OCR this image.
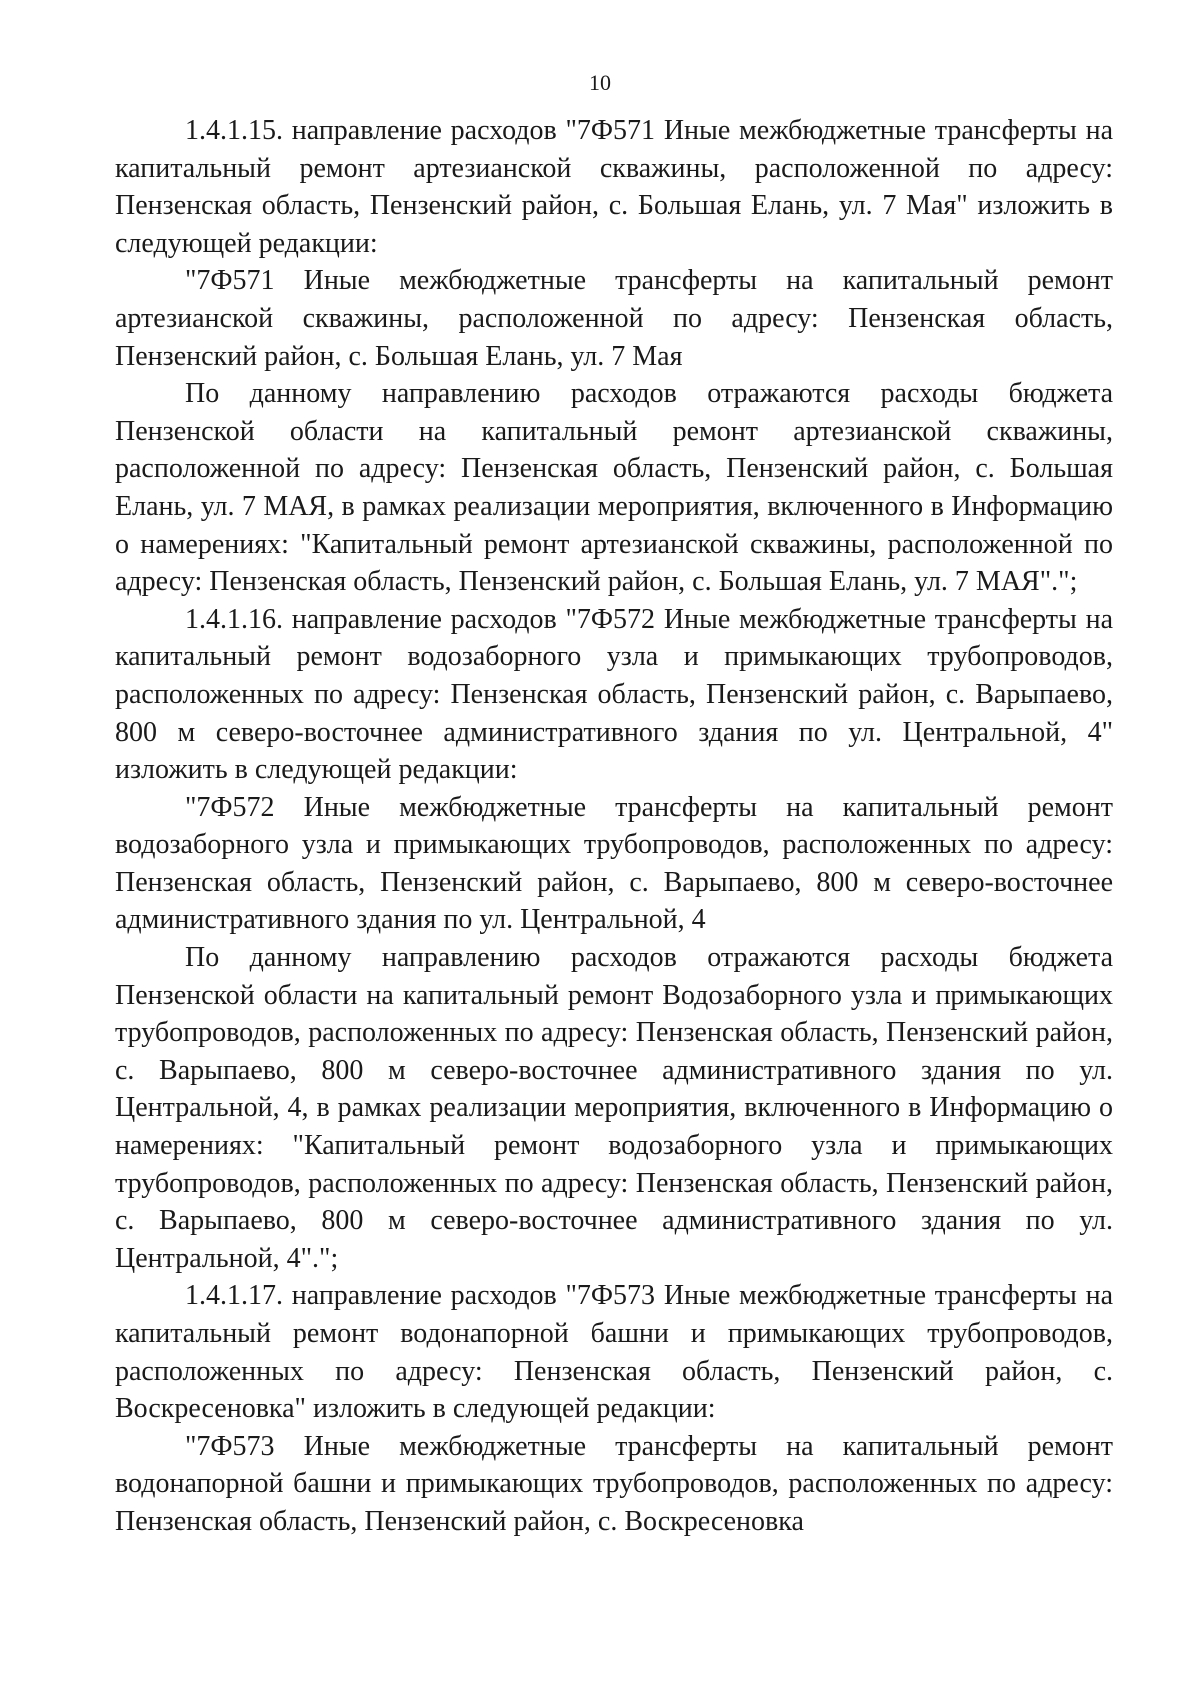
10

1.4.1.15. направление расходов "7Ф571 Иные межбюджетные трансферты на капитальный ремонт артезианской скважины, расположенной по адресу: Пензенская область, Пензенский район, с. Большая Елань, ул. 7 Мая" изложить в следующей редакции:

"7Ф571 Иные межбюджетные трансферты на капитальный ремонт артезианской скважины, расположенной по адресу: Пензенская область, Пензенский район, с. Большая Елань, ул. 7 Мая

По данному направлению расходов отражаются расходы бюджета Пензенской области на капитальный ремонт артезианской скважины, расположенной по адресу: Пензенская область, Пензенский район, с. Большая Елань, ул. 7 МАЯ, в рамках реализации мероприятия, включенного в Информацию о намерениях: "Капитальный ремонт артезианской скважины, расположенной по адресу: Пензенская область, Пензенский район, с. Большая Елань, ул. 7 МАЯ".";

1.4.1.16. направление расходов "7Ф572 Иные межбюджетные трансферты на капитальный ремонт водозаборного узла и примыкающих трубопроводов, расположенных по адресу: Пензенская область, Пензенский район, с. Варыпаево, 800 м северо-восточнее административного здания по ул. Центральной, 4" изложить в следующей редакции:

"7Ф572 Иные межбюджетные трансферты на капитальный ремонт водозаборного узла и примыкающих трубопроводов, расположенных по адресу: Пензенская область, Пензенский район, с. Варыпаево, 800 м северо-восточнее административного здания по ул. Центральной, 4

По данному направлению расходов отражаются расходы бюджета Пензенской области на капитальный ремонт Водозаборного узла и примыкающих трубопроводов, расположенных по адресу: Пензенская область, Пензенский район, с. Варыпаево, 800 м северо-восточнее административного здания по ул. Центральной, 4, в рамках реализации мероприятия, включенного в Информацию о намерениях: "Капитальный ремонт водозаборного узла и примыкающих трубопроводов, расположенных по адресу: Пензенская область, Пензенский район, с. Варыпаево, 800 м северо-восточнее административного здания по ул. Центральной, 4".";

1.4.1.17. направление расходов "7Ф573 Иные межбюджетные трансферты на капитальный ремонт водонапорной башни и примыкающих трубопроводов, расположенных по адресу: Пензенская область, Пензенский район, с. Воскресеновка" изложить в следующей редакции:

"7Ф573 Иные межбюджетные трансферты на капитальный ремонт водонапорной башни и примыкающих трубопроводов, расположенных по адресу: Пензенская область, Пензенский район, с. Воскресеновка
